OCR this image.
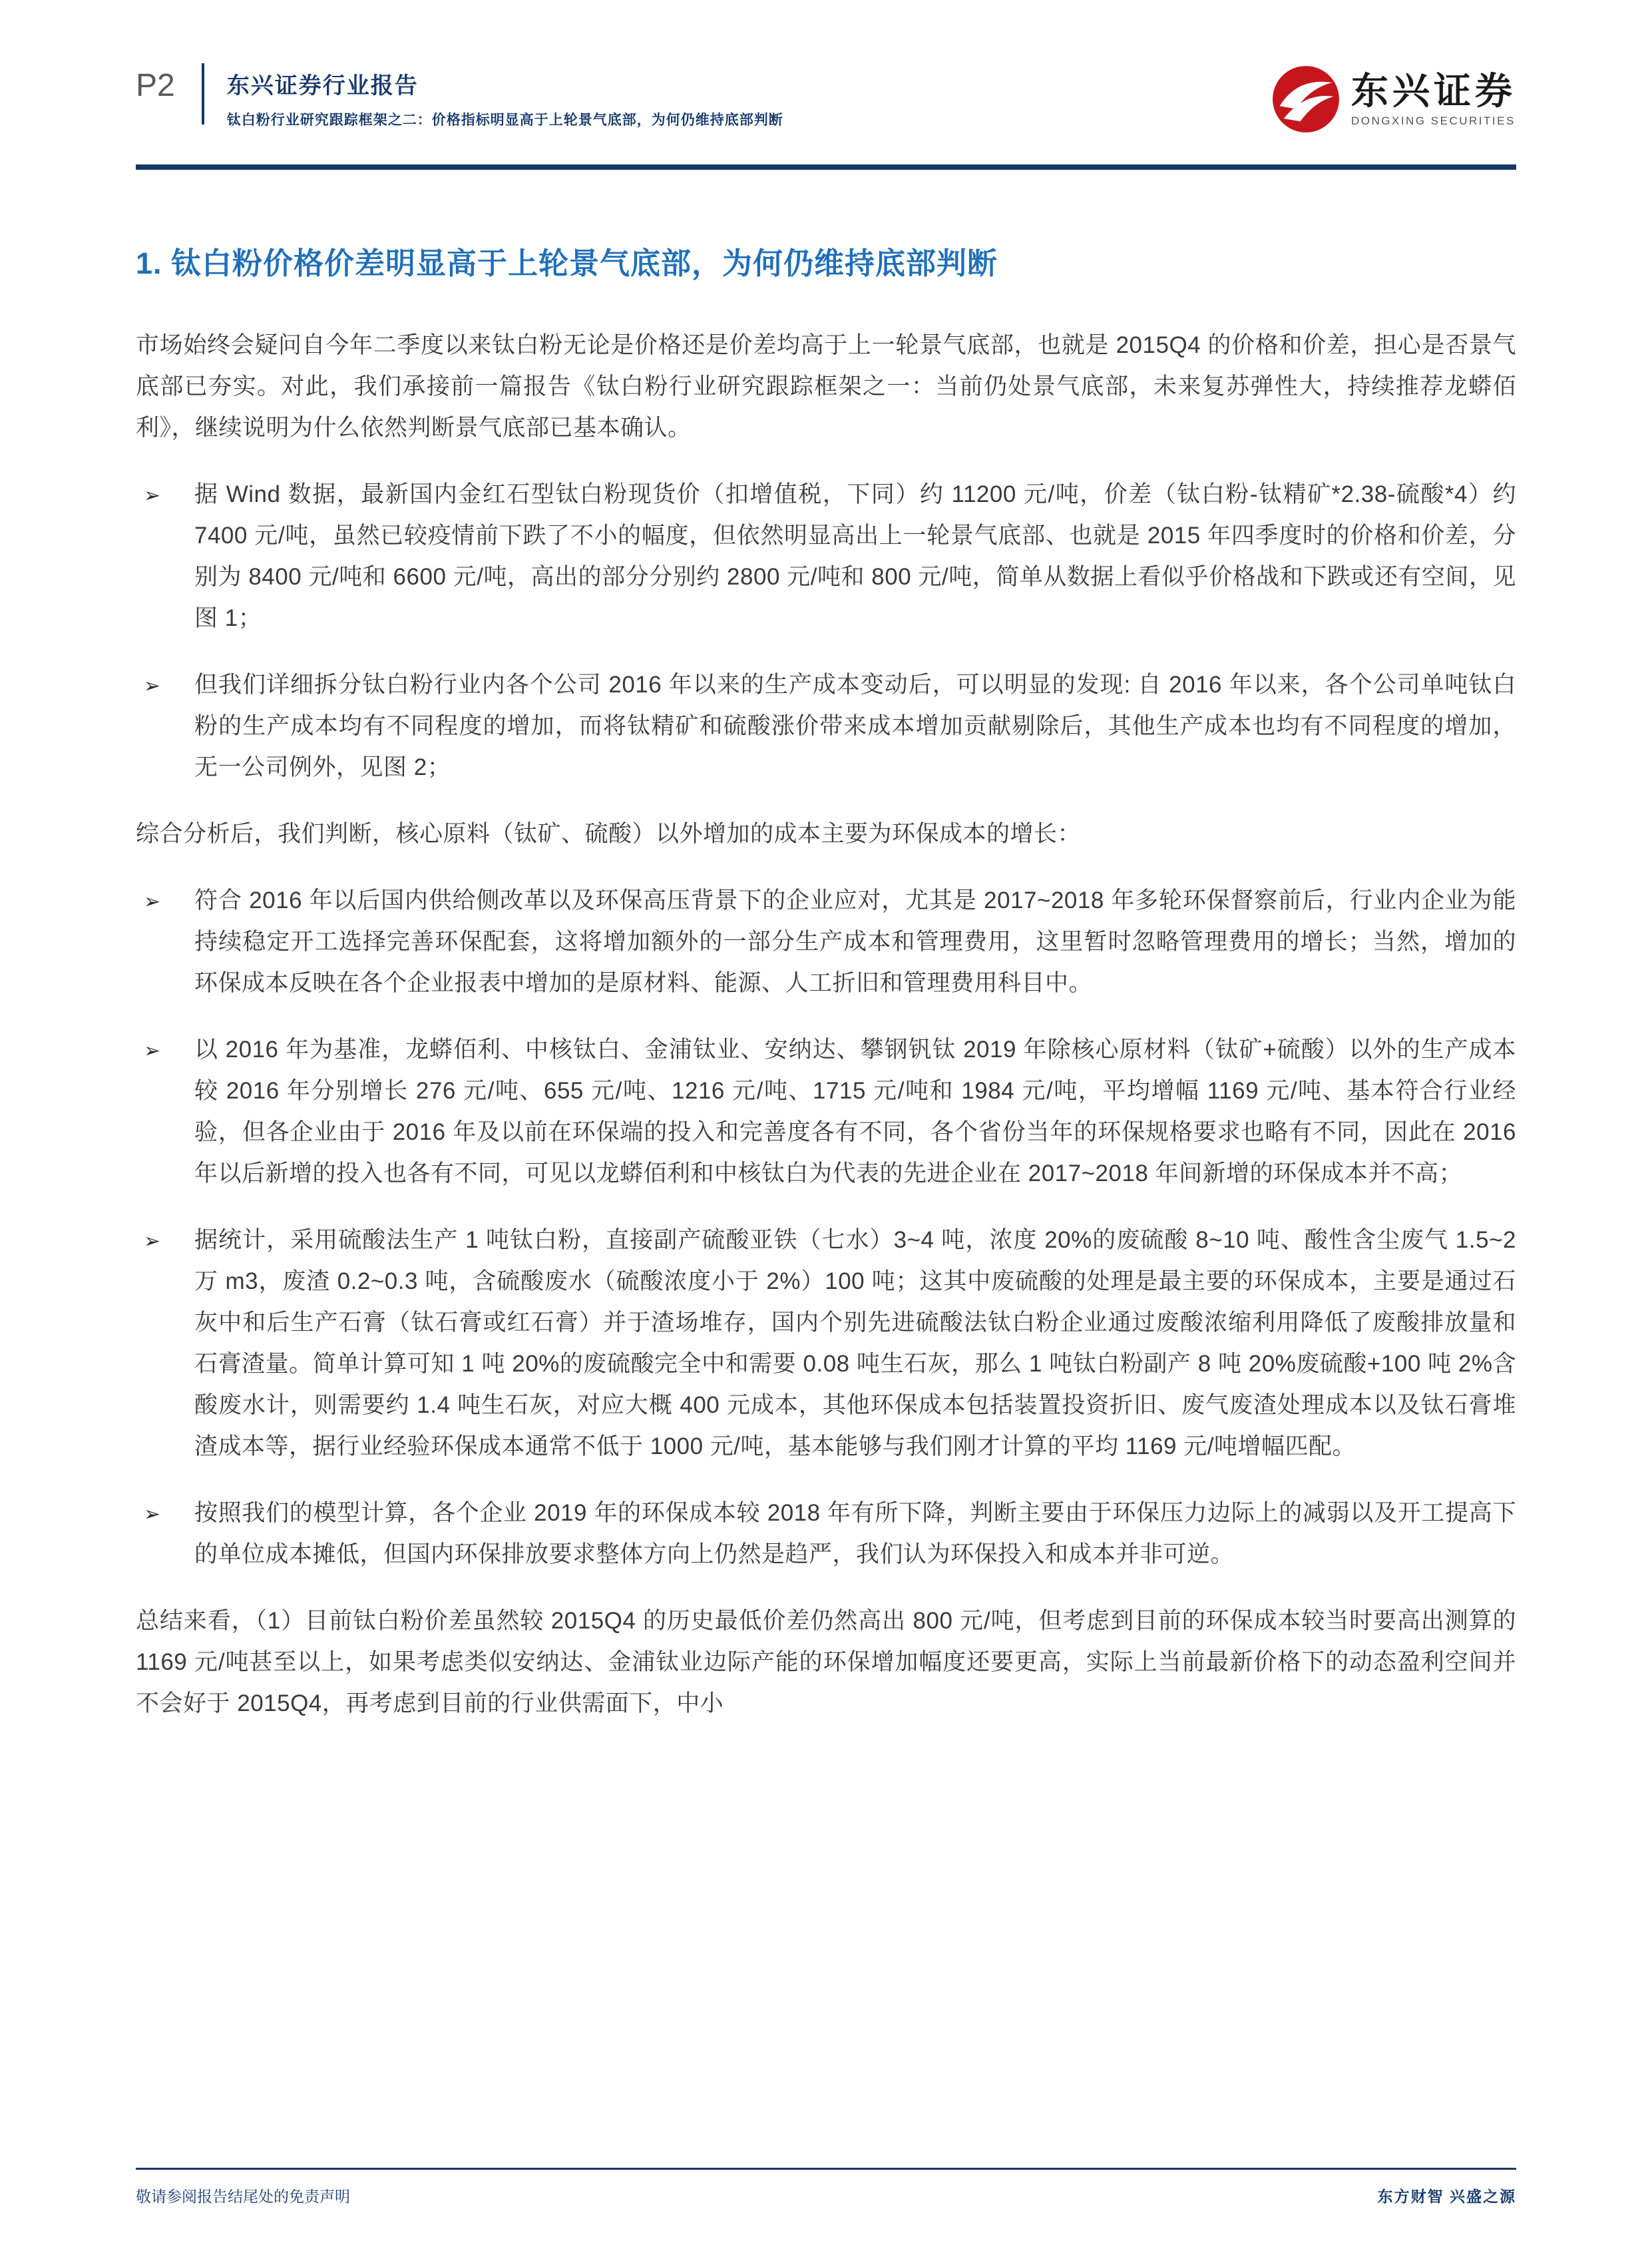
P2 东兴证券行业报告
钛白粉行业研究跟踪框架之二：价格指标明显高于上轮景气底部，为何仍维持底部判断
东兴证券
DONGXING SECURITIES
1. 钛白粉价格价差明显高于上轮景气底部，为何仍维持底部判断
市场始终会疑问自今年二季度以来钛白粉无论是价格还是价差均高于上一轮景气底部，也就是 2015Q4 的价格和价差，担心是否景气底部已夯实。对此，我们承接前一篇报告《钛白粉行业研究跟踪框架之一：当前仍处景气底部，未来复苏弹性大，持续推荐龙蟒佰利》，继续说明为什么依然判断景气底部已基本确认。
➢	据 Wind 数据，最新国内金红石型钛白粉现货价（扣增值税，下同）约 11200 元/吨，价差（钛白粉-钛精矿*2.38-硫酸*4）约 7400 元/吨，虽然已较疫情前下跌了不小的幅度，但依然明显高出上一轮景气底部、也就是 2015 年四季度时的价格和价差，分别为 8400 元/吨和 6600 元/吨，高出的部分分别约 2800 元/吨和 800 元/吨，简单从数据上看似乎价格战和下跌或还有空间，见图 1；
➢	但我们详细拆分钛白粉行业内各个公司 2016 年以来的生产成本变动后，可以明显的发现: 自 2016 年以来，各个公司单吨钛白粉的生产成本均有不同程度的增加，而将钛精矿和硫酸涨价带来成本增加贡献剔除后，其他生产成本也均有不同程度的增加，无一公司例外，见图 2；
综合分析后，我们判断，核心原料（钛矿、硫酸）以外增加的成本主要为环保成本的增长：
➢	符合 2016 年以后国内供给侧改革以及环保高压背景下的企业应对，尤其是 2017~2018 年多轮环保督察前后，行业内企业为能持续稳定开工选择完善环保配套，这将增加额外的一部分生产成本和管理费用，这里暂时忽略管理费用的增长；当然，增加的环保成本反映在各个企业报表中增加的是原材料、能源、人工折旧和管理费用科目中。
➢	以 2016 年为基准，龙蟒佰利、中核钛白、金浦钛业、安纳达、攀钢钒钛 2019 年除核心原材料（钛矿+硫酸）以外的生产成本较 2016 年分别增长 276 元/吨、655 元/吨、1216 元/吨、1715 元/吨和 1984 元/吨，平均增幅 1169 元/吨、基本符合行业经验，但各企业由于 2016 年及以前在环保端的投入和完善度各有不同，各个省份当年的环保规格要求也略有不同，因此在 2016 年以后新增的投入也各有不同，可见以龙蟒佰利和中核钛白为代表的先进企业在 2017~2018 年间新增的环保成本并不高；
➢	据统计，采用硫酸法生产 1 吨钛白粉，直接副产硫酸亚铁（七水）3~4 吨，浓度 20%的废硫酸 8~10 吨、酸性含尘废气 1.5~2 万 m3，废渣 0.2~0.3 吨，含硫酸废水（硫酸浓度小于 2%）100 吨；这其中废硫酸的处理是最主要的环保成本，主要是通过石灰中和后生产石膏（钛石膏或红石膏）并于渣场堆存，国内个别先进硫酸法钛白粉企业通过废酸浓缩利用降低了废酸排放量和石膏渣量。简单计算可知 1 吨 20%的废硫酸完全中和需要 0.08 吨生石灰，那么 1 吨钛白粉副产 8 吨 20%废硫酸+100 吨 2%含酸废水计，则需要约 1.4 吨生石灰，对应大概 400 元成本，其他环保成本包括装置投资折旧、废气废渣处理成本以及钛石膏堆渣成本等，据行业经验环保成本通常不低于 1000 元/吨，基本能够与我们刚才计算的平均 1169 元/吨增幅匹配。
➢	按照我们的模型计算，各个企业 2019 年的环保成本较 2018 年有所下降，判断主要由于环保压力边际上的减弱以及开工提高下的单位成本摊低，但国内环保排放要求整体方向上仍然是趋严，我们认为环保投入和成本并非可逆。
总结来看，（1）目前钛白粉价差虽然较 2015Q4 的历史最低价差仍然高出 800 元/吨，但考虑到目前的环保成本较当时要高出测算的 1169 元/吨甚至以上，如果考虑类似安纳达、金浦钛业边际产能的环保增加幅度还要更高，实际上当前最新价格下的动态盈利空间并不会好于 2015Q4，再考虑到目前的行业供需面下，中小
敬请参阅报告结尾处的免责声明	东方财智 兴盛之源
